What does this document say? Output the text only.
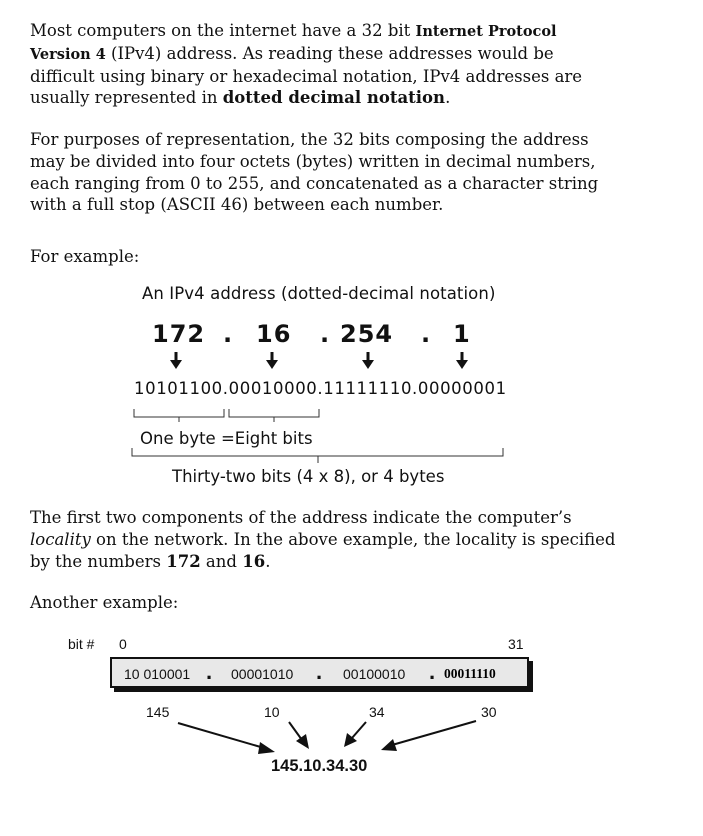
Most computers on the internet have a 32 bit Internet Protocol Version 4 (IPv4) address. As reading these addresses would be difficult using binary or hexadecimal notation, IPv4 addresses are usually represented in dotted decimal notation.

For purposes of representation, the 32 bits composing the address may be divided into four octets (bytes) written in decimal numbers, each ranging from 0 to 255, and concatenated as a character string with a full stop (ASCII 46) between each number.

For example:

An IPv4 address (dotted-decimal notation)
172 . 16 . 254 . 1
10101100.00010000.11111110.00000001
One byte =Eight bits
Thirty-two bits (4 x 8), or 4 bytes

The first two components of the address indicate the computer’s locality on the network. In the above example, the locality is specified by the numbers 172 and 16.

Another example:

bit # 0	31
10 010001 . 00001010 . 00100010 . 00011110
145	10	34	30
145.10.34.30
